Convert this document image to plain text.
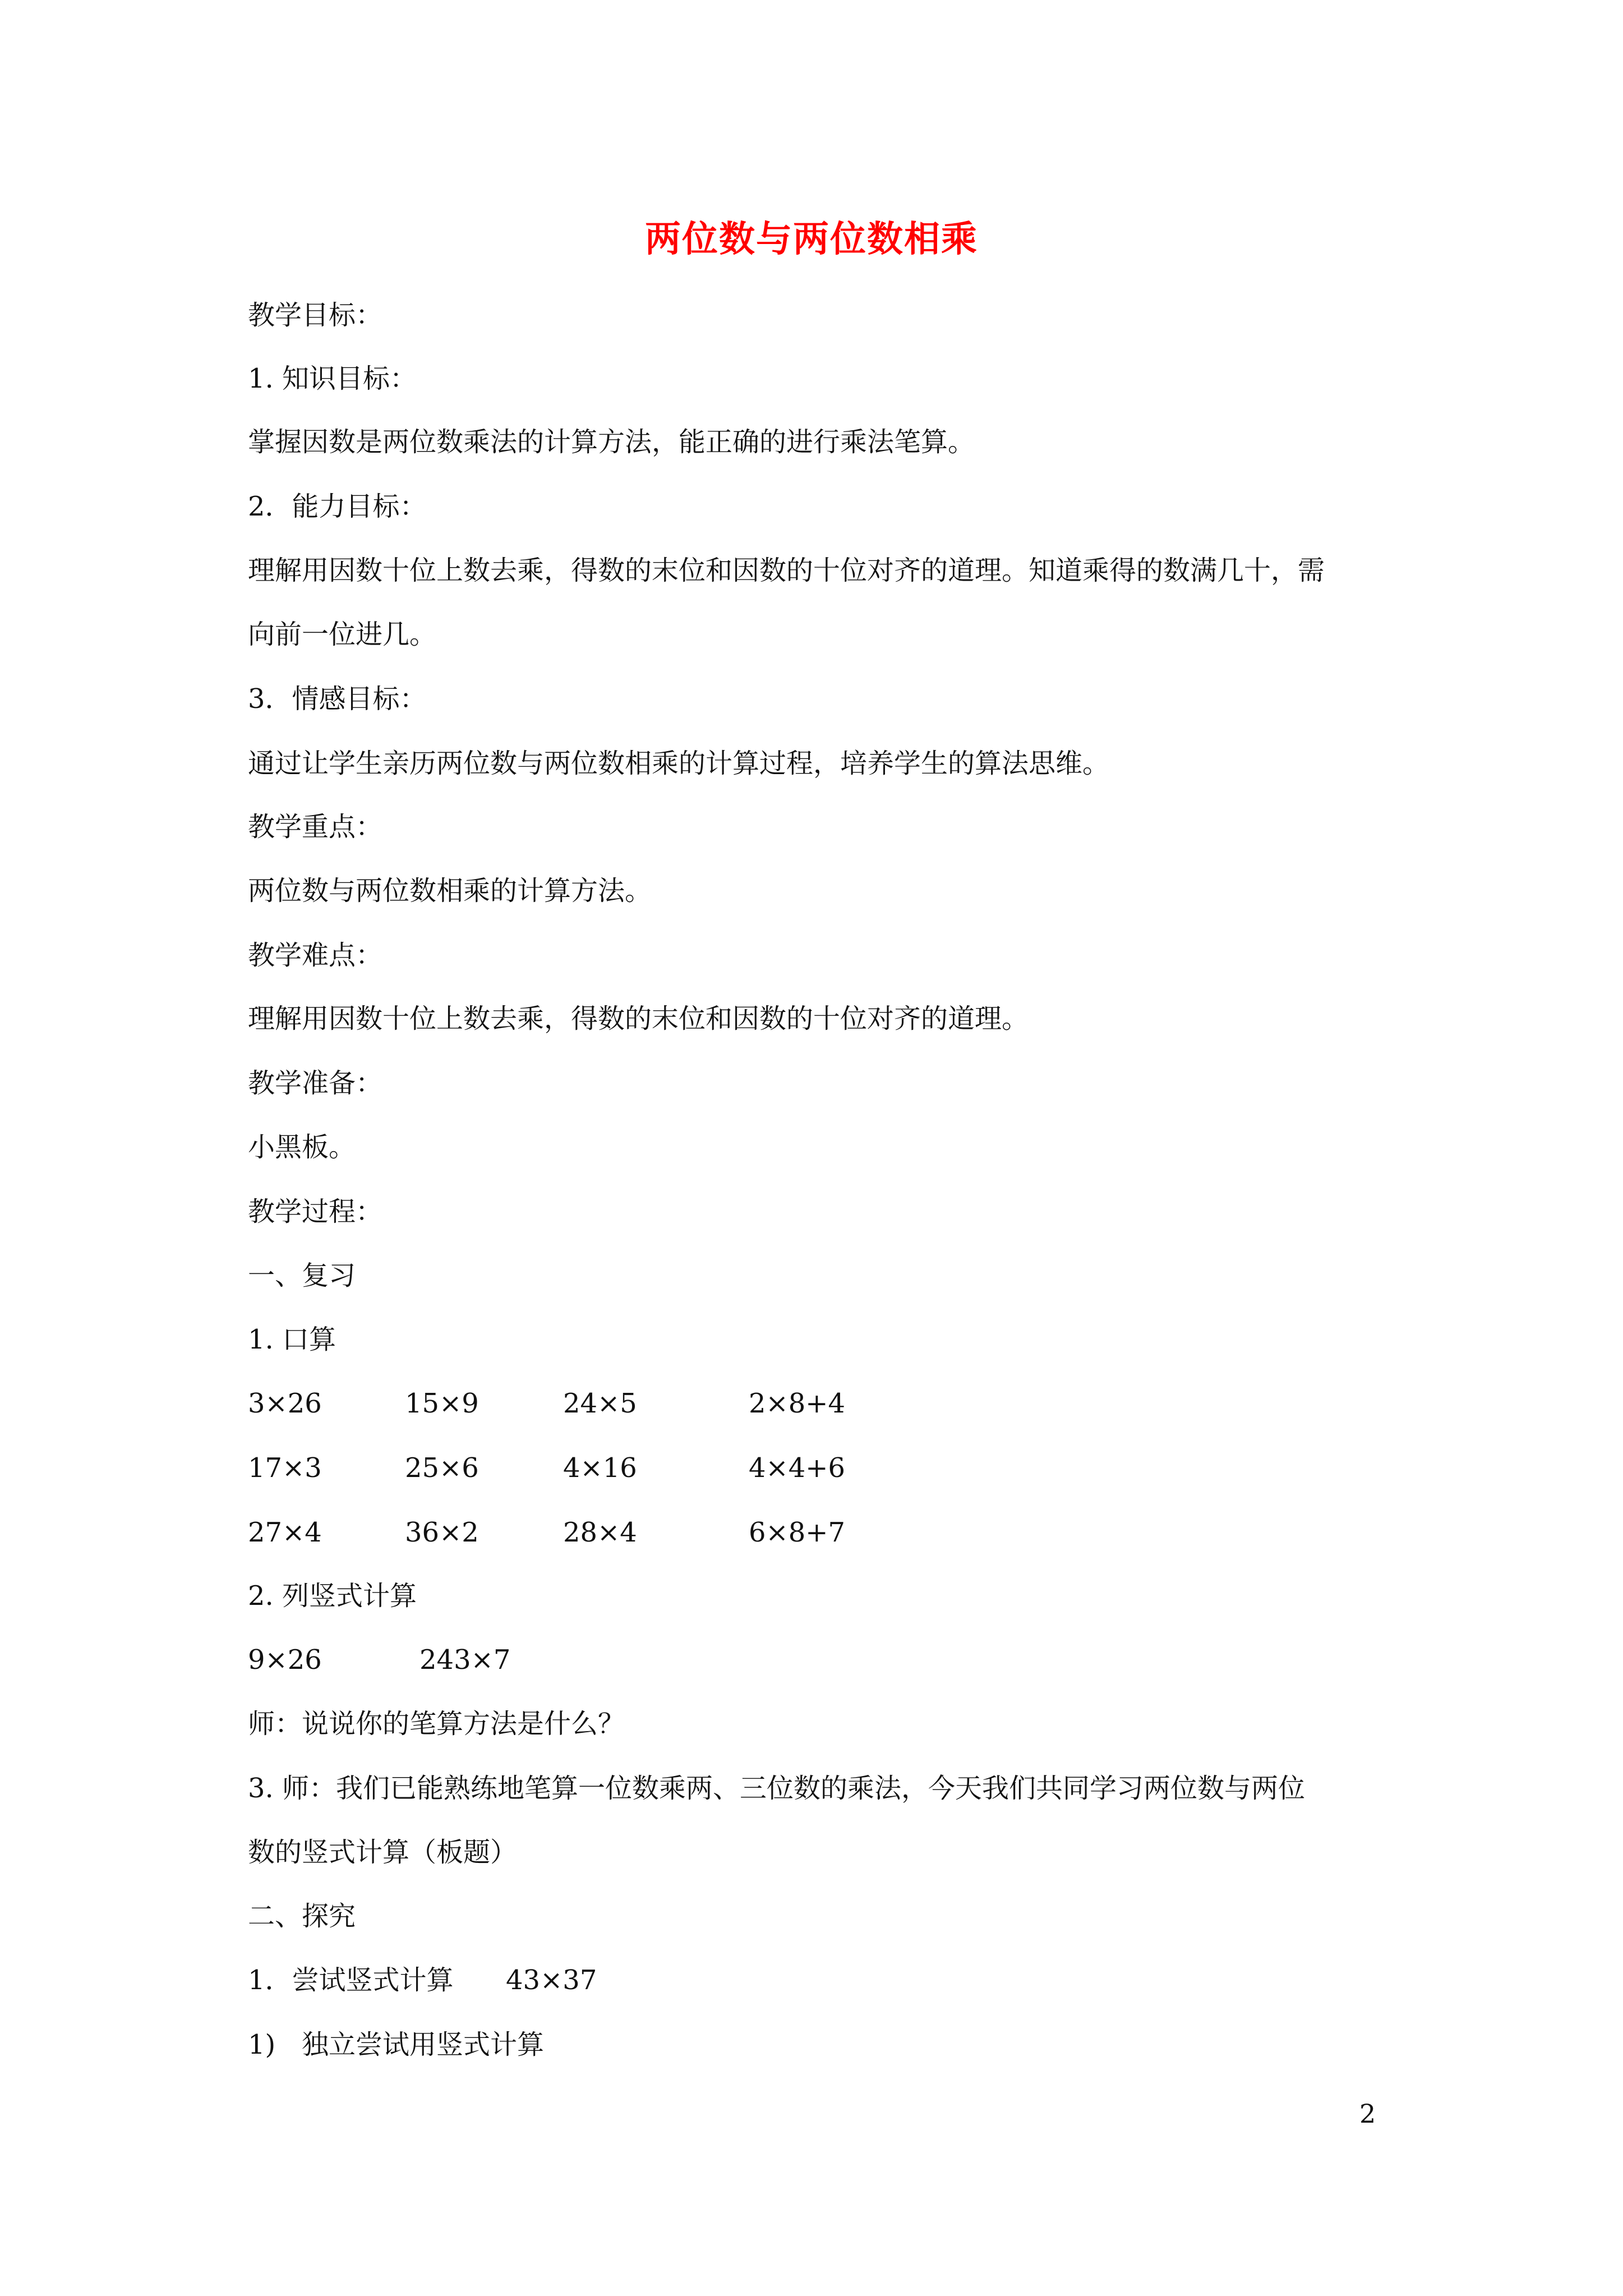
两位数与两位数相乘
教学目标：
1. 知识目标：
掌握因数是两位数乘法的计算方法，能正确的进行乘法笔算。
2．能力目标：
理解用因数十位上数去乘，得数的末位和因数的十位对齐的道理。知道乘得的数满几十，需
向前一位进几。
3．情感目标：
通过让学生亲历两位数与两位数相乘的计算过程，培养学生的算法思维。
教学重点：
两位数与两位数相乘的计算方法。
教学难点：
理解用因数十位上数去乘，得数的末位和因数的十位对齐的道理。
教学准备：
小黑板。
教学过程：
一、复习
1. 口算
3×26	15×9	24×5	2×8+4
17×3	25×6	4×16	4×4+6
27×4	36×2	28×4	6×8+7
2. 列竖式计算
9×26	243×7
师：说说你的笔算方法是什么？
3. 师：我们已能熟练地笔算一位数乘两、三位数的乘法，今天我们共同学习两位数与两位
数的竖式计算（板题）
二、探究
1．尝试竖式计算 43×37
1) 独立尝试用竖式计算
2
